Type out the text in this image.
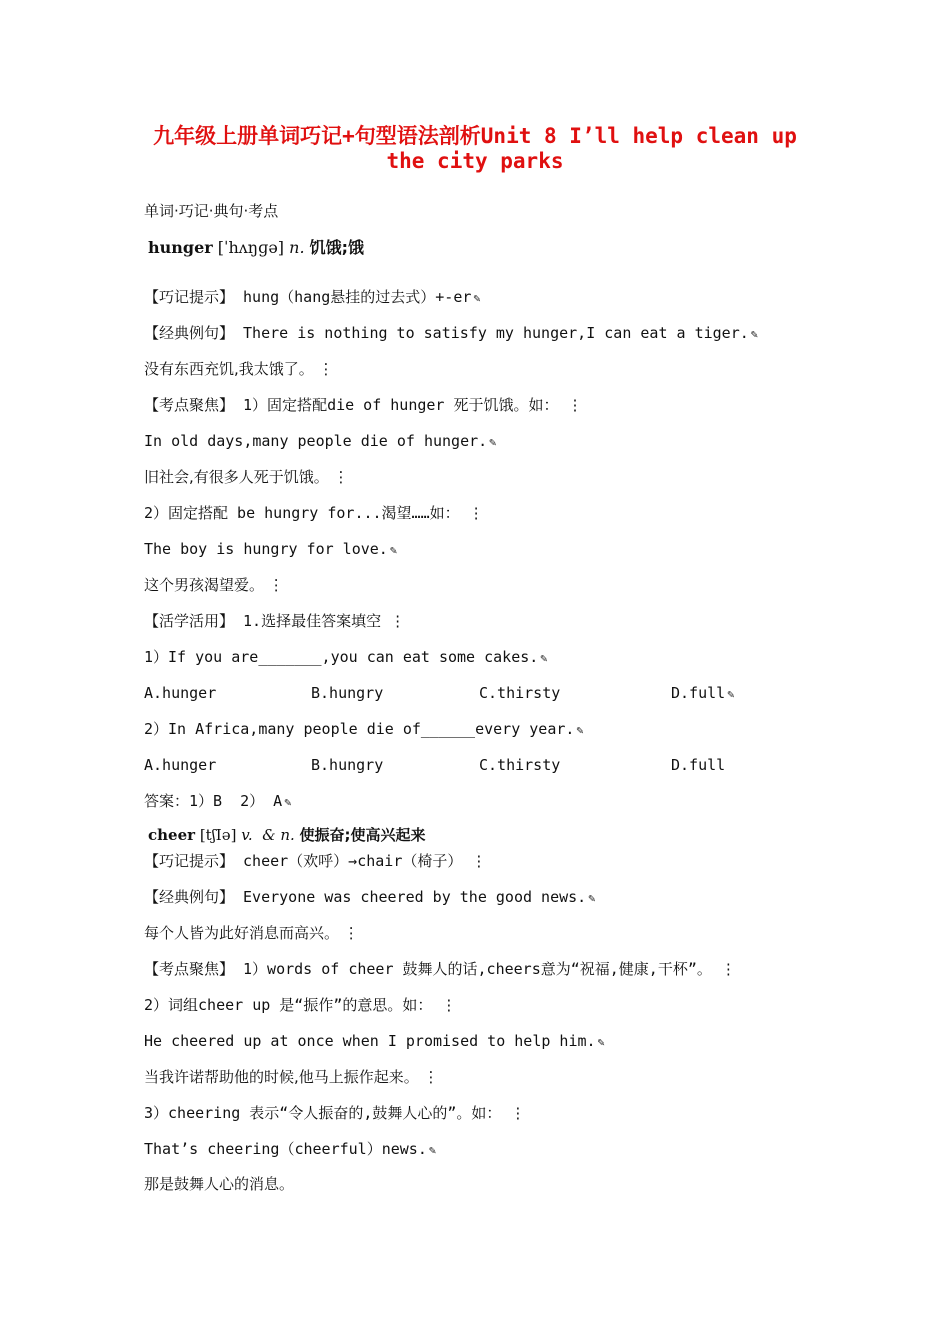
九年级上册单词巧记+句型语法剖析Unit 8 I’ll help clean up
the city parks
单词·巧记·典句·考点
hunger [ˈhʌŋɡə] n. 饥饿;饿
【巧记提示】 hung（hang悬挂的过去式）+-er ✎
【经典例句】 There is nothing to satisfy my hunger,I can eat a tiger. ✎
没有东西充饥,我太饿了。 ⋮
【考点聚焦】 1）固定搭配die of hunger 死于饥饿。如： ⋮
In old days,many people die of hunger. ✎
旧社会,有很多人死于饥饿。 ⋮
2）固定搭配 be hungry for...渴望……如： ⋮
The boy is hungry for love. ✎
这个男孩渴望爱。 ⋮
【活学活用】 1.选择最佳答案填空 ⋮
1）If you are_______,you can eat some cakes. ✎
A.hunger	B.hungry	C.thirsty	D.full ✎
2）In Africa,many people die of______every year. ✎
A.hunger	B.hungry	C.thirsty	D.full
答案：1）B  2） A ✎
cheer [tʃIə] v.  & n. 使振奋;使高兴起来
【巧记提示】 cheer（欢呼）→chair（椅子） ⋮
【经典例句】 Everyone was cheered by the good news. ✎
每个人皆为此好消息而高兴。 ⋮
【考点聚焦】 1）words of cheer 鼓舞人的话,cheers意为“祝福,健康,干杯”。 ⋮
2）词组cheer up 是“振作”的意思。如： ⋮
He cheered up at once when I promised to help him. ✎
当我许诺帮助他的时候,他马上振作起来。 ⋮
3）cheering 表示“令人振奋的,鼓舞人心的”。如： ⋮
That’s cheering（cheerful）news. ✎
那是鼓舞人心的消息。
